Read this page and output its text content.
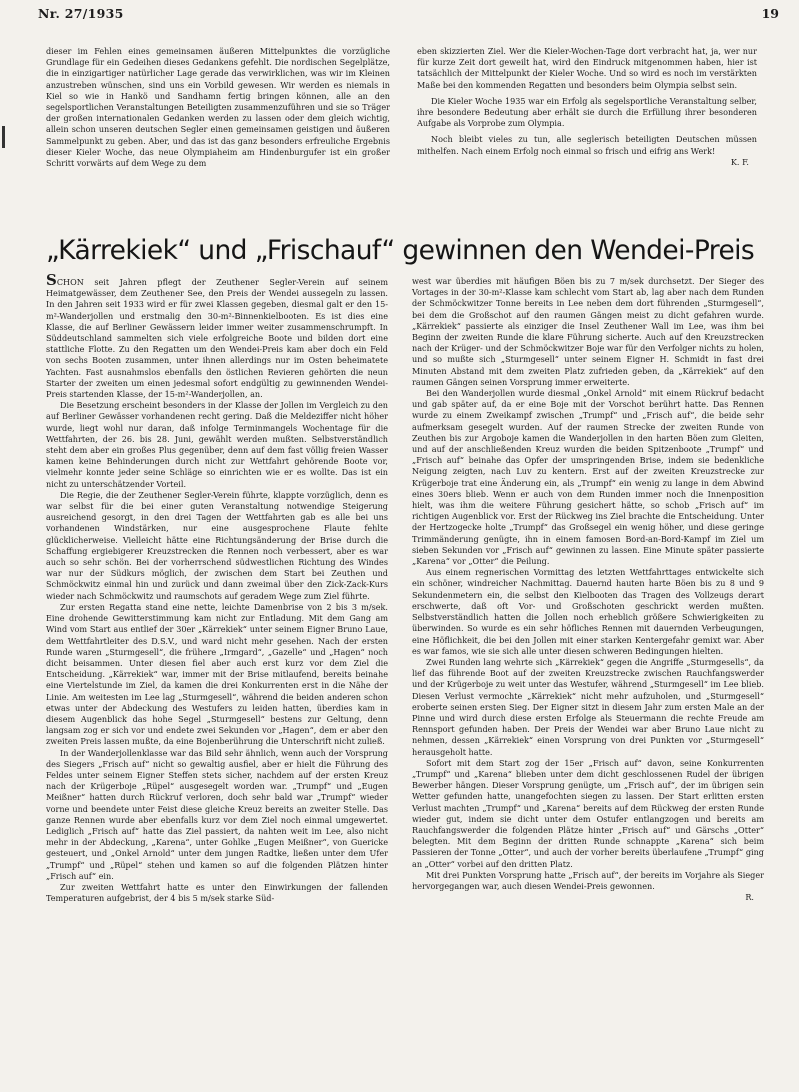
Nr. 27/1935	19

dieser im Fehlen eines gemeinsamen äußeren Mittelpunktes die vorzügliche Grundlage für ein Gedeihen dieses Gedankens gefehlt. Die nordischen Segelplätze, die in einzigartiger natürlicher Lage gerade das verwirklichen, was wir im Kleinen anzustreben wünschen, sind uns ein Vorbild gewesen. Wir werden es niemals in Kiel so wie in Hankö und Sandhamn fertig bringen können, alle an den segelsportlichen Veranstaltungen Beteiligten zusammenzuführen und sie so Träger der großen internationalen Gedanken werden zu lassen oder dem gleich wichtig, allein schon unseren deutschen Segler einen gemeinsamen geistigen und äußeren Sammelpunkt zu geben. Aber, und das ist das ganz besonders erfreuliche Ergebnis dieser Kieler Woche, das neue Olympiaheim am Hindenburgufer ist ein großer Schritt vorwärts auf dem Wege zu dem

eben skizzierten Ziel. Wer die Kieler-Wochen-Tage dort verbracht hat, ja, wer nur für kurze Zeit dort geweilt hat, wird den Eindruck mitgenommen haben, hier ist tatsächlich der Mittelpunkt der Kieler Woche. Und so wird es noch im verstärkten Maße bei den kommenden Regatten und besonders beim Olympia selbst sein.

Die Kieler Woche 1935 war ein Erfolg als segelsportliche Veranstaltung selber, ihre besondere Bedeutung aber erhält sie durch die Erfüllung ihrer besonderen Aufgabe als Vorprobe zum Olympia.

Noch bleibt vieles zu tun, alle seglerisch beteiligten Deutschen müssen mithelfen. Nach einem Erfolg noch einmal so frisch und eifrig ans Werk!

K. F.
„Kärrekiek“ und „Frischauf“ gewinnen den Wendei-Preis

SCHON seit Jahren pflegt der Zeuthener Segler-Verein auf seinem Heimatgewässer, dem Zeuthener See, den Preis der Wendei aussegeln zu lassen. In den Jahren seit 1933 wird er für zwei Klassen gegeben, diesmal galt er den 15-m²-Wanderjollen und erstmalig den 30-m²-Binnenkielbooten. Es ist dies eine Klasse, die auf Berliner Gewässern leider immer weiter zusammenschrumpft. In Süddeutschland sammelten sich viele erfolgreiche Boote und bilden dort eine stattliche Flotte. Zu den Regatten um den Wendei-Preis kam aber doch ein Feld von sechs Booten zusammen, unter ihnen allerdings nur im Osten beheimatete Yachten. Fast ausnahmslos ebenfalls den östlichen Revieren gehörten die neun Starter der zweiten um einen jedesmal sofort endgültig zu gewinnenden Wendei-Preis startenden Klasse, der 15-m²-Wanderjollen, an.

Die Besetzung erscheint besonders in der Klasse der Jollen im Vergleich zu den auf Berliner Gewässer vorhandenen recht gering. Daß die Meldeziffer nicht höher wurde, liegt wohl nur daran, daß infolge Terminmangels Wochentage für die Wettfahrten, der 26. bis 28. Juni, gewählt werden mußten. Selbstverständlich steht dem aber ein großes Plus gegenüber, denn auf dem fast völlig freien Wasser kamen keine Behinderungen durch nicht zur Wettfahrt gehörende Boote vor, vielmehr konnte jeder seine Schläge so einrichten wie er es wollte. Das ist ein nicht zu unterschätzender Vorteil.

Die Regie, die der Zeuthener Segler-Verein führte, klappte vorzüglich, denn es war selbst für die bei einer guten Veranstaltung notwendige Steigerung ausreichend gesorgt, in den drei Tagen der Wettfahrten gab es alle bei uns vorhandenen Windstärken, nur eine ausgesprochene Flaute fehlte glücklicherweise. Vielleicht hätte eine Richtungsänderung der Brise durch die Schaffung ergiebigerer Kreuzstrecken die Rennen noch verbessert, aber es war auch so sehr schön. Bei der vorherrschend südwestlichen Richtung des Windes war nur der Südkurs möglich, der zwischen dem Start bei Zeuthen und Schmöckwitz einmal hin und zurück und dann zweimal über den Zick-Zack-Kurs wieder nach Schmöckwitz und raumschots auf geradem Wege zum Ziel führte.

Zur ersten Regatta stand eine nette, leichte Damenbrise von 2 bis 3 m/sek. Eine drohende Gewitterstimmung kam nicht zur Entladung. Mit dem Gang am Wind vom Start aus entlief der 30er „Kärrekiek“ unter seinem Eigner Bruno Laue, dem Wettfahrtleiter des D.S.V., und ward nicht mehr gesehen. Nach der ersten Runde waren „Sturmgesell“, die frühere „Irmgard“, „Gazelle“ und „Hagen“ noch dicht beisammen. Unter diesen fiel aber auch erst kurz vor dem Ziel die Entscheidung. „Kärrekiek“ war, immer mit der Brise mitlaufend, bereits beinahe eine Viertelstunde im Ziel, da kamen die drei Konkurrenten erst in die Nähe der Linie. Am weitesten im Lee lag „Sturmgesell“, während die beiden anderen schon etwas unter der Abdeckung des Westufers zu leiden hatten, überdies kam in diesem Augenblick das hohe Segel „Sturmgesell“ bestens zur Geltung, denn langsam zog er sich vor und endete zwei Sekunden vor „Hagen“, dem er aber den zweiten Preis lassen mußte, da eine Bojenberührung die Unterschrift nicht zuließ.

In der Wanderjollenklasse war das Bild sehr ähnlich, wenn auch der Vorsprung des Siegers „Frisch auf“ nicht so gewaltig ausfiel, aber er hielt die Führung des Feldes unter seinem Eigner Steffen stets sicher, nachdem auf der ersten Kreuz nach der Krügerboje „Rüpel“ ausgesegelt worden war. „Trumpf“ und „Eugen Meißner“ hatten durch Rückruf verloren, doch sehr bald war „Trumpf“ wieder vorne und beendete unter Feist diese gleiche Kreuz bereits an zweiter Stelle. Das ganze Rennen wurde aber ebenfalls kurz vor dem Ziel noch einmal umgewertet. Lediglich „Frisch auf“ hatte das Ziel passiert, da nahten weit im Lee, also nicht mehr in der Abdeckung, „Karena“, unter Gohlke „Eugen Meißner“, von Guericke gesteuert, und „Onkel Arnold“ unter dem jungen Radtke, ließen unter dem Ufer „Trumpf“ und „Rüpel“ stehen und kamen so auf die folgenden Plätzen hinter „Frisch auf“ ein.

Zur zweiten Wettfahrt hatte es unter den Einwirkungen der fallenden Temperaturen aufgebrist, der 4 bis 5 m/sek starke Süd-

west war überdies mit häufigen Böen bis zu 7 m/sek durchsetzt. Der Sieger des Vortages in der 30-m²-Klasse kam schlecht vom Start ab, lag aber nach dem Runden der Schmöckwitzer Tonne bereits in Lee neben dem dort führenden „Sturmgesell“, bei dem die Großschot auf den raumen Gängen meist zu dicht gefahren wurde. „Kärrekiek“ passierte als einziger die Insel Zeuthener Wall im Lee, was ihm bei Beginn der zweiten Runde die klare Führung sicherte. Auch auf den Kreuzstrecken nach der Krüger- und der Schmöckwitzer Boje war für den Verfolger nichts zu holen, und so mußte sich „Sturmgesell“ unter seinem Eigner H. Schmidt in fast drei Minuten Abstand mit dem zweiten Platz zufrieden geben, da „Kärrekiek“ auf den raumen Gängen seinen Vorsprung immer erweiterte.

Bei den Wanderjollen wurde diesmal „Onkel Arnold“ mit einem Rückruf bedacht und gab später auf, da er eine Boje mit der Vorschot berührt hatte. Das Rennen wurde zu einem Zweikampf zwischen „Trumpf“ und „Frisch auf“, die beide sehr aufmerksam gesegelt wurden. Auf der raumen Strecke der zweiten Runde von Zeuthen bis zur Argoboje kamen die Wanderjollen in den harten Böen zum Gleiten, und auf der anschließenden Kreuz wurden die beiden Spitzenboote „Trumpf“ und „Frisch auf“ beinahe das Opfer der umspringenden Brise, indem sie bedenkliche Neigung zeigten, nach Luv zu kentern. Erst auf der zweiten Kreuzstrecke zur Krügerboje trat eine Änderung ein, als „Trumpf“ ein wenig zu lange in dem Abwind eines 30ers blieb. Wenn er auch von dem Runden immer noch die Innenposition hielt, was ihm die weitere Führung gesichert hätte, so schob „Frisch auf“ im richtigen Augenblick vor. Erst der Rückweg ins Ziel brachte die Entscheidung. Unter der Hertzogecke holte „Trumpf“ das Großsegel ein wenig höher, und diese geringe Trimmänderung genügte, ihn in einem famosen Bord-an-Bord-Kampf im Ziel um sieben Sekunden vor „Frisch auf“ gewinnen zu lassen. Eine Minute später passierte „Karena“ vor „Otter“ die Peilung.

Aus einem regnerischen Vormittag des letzten Wettfahrttages entwickelte sich ein schöner, windreicher Nachmittag. Dauernd hauten harte Böen bis zu 8 und 9 Sekundenmetern ein, die selbst den Kielbooten das Tragen des Vollzeugs derart erschwerte, daß oft Vor- und Großschoten geschrickt werden mußten. Selbstverständlich hatten die Jollen noch erheblich größere Schwierigkeiten zu überwinden. So wurde es ein sehr höfliches Rennen mit dauernden Verbeugungen, eine Höflichkeit, die bei den Jollen mit einer starken Kentergefahr gemixt war. Aber es war famos, wie sie sich alle unter diesen schweren Bedingungen hielten.

Zwei Runden lang wehrte sich „Kärrekiek“ gegen die Angriffe „Sturmgesells“, da lief das führende Boot auf der zweiten Kreuzstrecke zwischen Rauchfangswerder und der Krügerboje zu weit unter das Westufer, während „Sturmgesell“ im Lee blieb. Diesen Verlust vermochte „Kärrekiek“ nicht mehr aufzuholen, und „Sturmgesell“ eroberte seinen ersten Sieg. Der Eigner sitzt in diesem Jahr zum ersten Male an der Pinne und wird durch diese ersten Erfolge als Steuermann die rechte Freude am Rennsport gefunden haben. Der Preis der Wendei war aber Bruno Laue nicht zu nehmen, dessen „Kärrekiek“ einen Vorsprung von drei Punkten vor „Sturmgesell“ herausgeholt hatte.

Sofort mit dem Start zog der 15er „Frisch auf“ davon, seine Konkurrenten „Trumpf“ und „Karena“ blieben unter dem dicht geschlossenen Rudel der übrigen Bewerber hängen. Dieser Vorsprung genügte, um „Frisch auf“, der im übrigen sein Wetter gefunden hatte, unangefochten siegen zu lassen. Der Start erlitten ersten Verlust machten „Trumpf“ und „Karena“ bereits auf dem Rückweg der ersten Runde wieder gut, indem sie dicht unter dem Ostufer entlangzogen und bereits am Rauchfangswerder die folgenden Plätze hinter „Frisch auf“ und Gärschs „Otter“ belegten. Mit dem Beginn der dritten Runde schnappte „Karena“ sich beim Passieren der Tonne „Otter“, und auch der vorher bereits überlaufene „Trumpf“ ging an „Otter“ vorbei auf den dritten Platz.

Mit drei Punkten Vorsprung hatte „Frisch auf“, der bereits im Vorjahre als Sieger hervorgegangen war, auch diesen Wendei-Preis gewonnen.

R.
